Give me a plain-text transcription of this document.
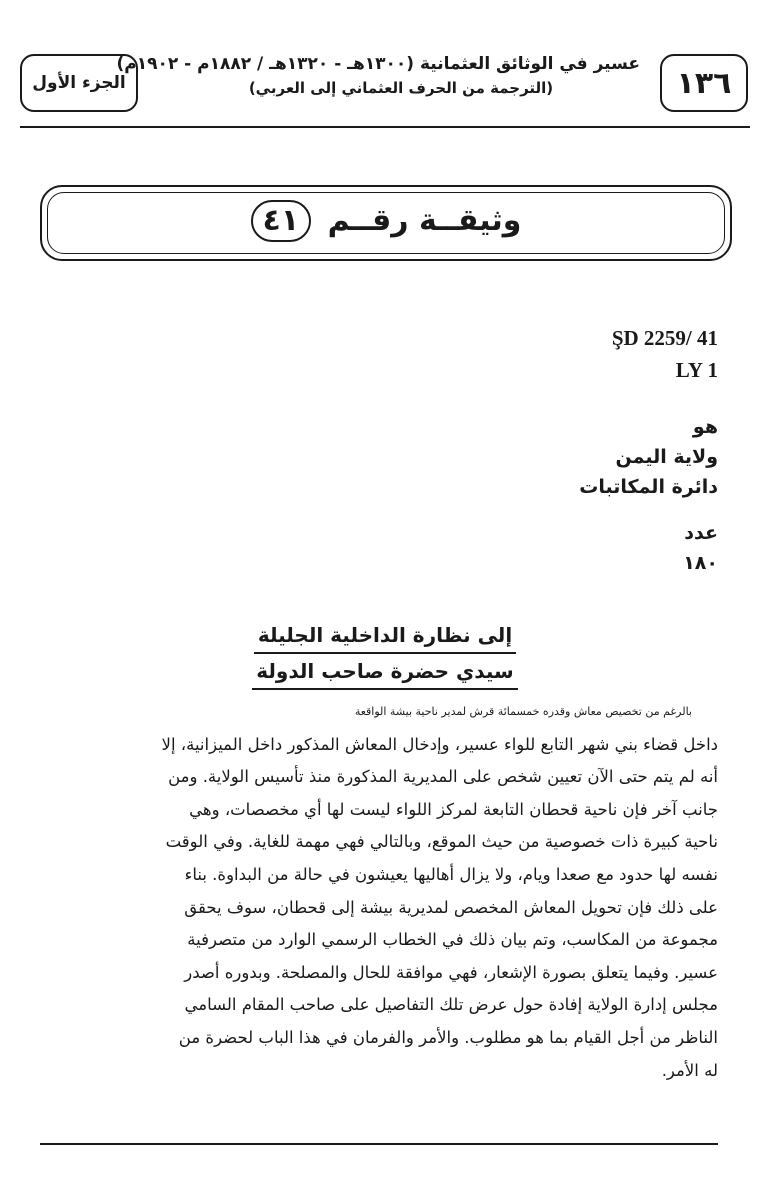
١٣٦
عسير في الوثائق العثمانية (١٣٠٠هـ - ١٣٢٠هـ / ١٨٨٢م - ١٩٠٢م)
(الترجمة من الحرف العثماني إلى العربي)
الجزء الأول
وثيقــة رقــم ٤١
ŞD 2259/ 41
LY 1
هو
ولاية اليمن
دائرة المكاتبات
عدد
١٨٠
إلى نظارة الداخلية الجليلة
سيدي حضرة صاحب الدولة
بالرغم من تخصيص معاش وقدره خمسمائة قرش لمدير ناحية بيشة الواقعة
داخل قضاء بني شهر التابع للواء عسير، وإدخال المعاش المذكور داخل الميزانية، إلا
أنه لم يتم حتى الآن تعيين شخص على المديرية المذكورة منذ تأسيس الولاية. ومن
جانب آخر فإن ناحية قحطان التابعة لمركز اللواء ليست لها أي مخصصات، وهي
ناحية كبيرة ذات خصوصية من حيث الموقع، وبالتالي فهي مهمة للغاية. وفي الوقت
نفسه لها حدود مع صعدا ويام، ولا يزال أهاليها يعيشون في حالة من البداوة. بناء
على ذلك فإن تحويل المعاش المخصص لمديرية بيشة إلى قحطان، سوف يحقق
مجموعة من المكاسب، وتم بيان ذلك في الخطاب الرسمي الوارد من متصرفية
عسير. وفيما يتعلق بصورة الإشعار، فهي موافقة للحال والمصلحة. وبدوره أصدر
مجلس إدارة الولاية إفادة حول عرض تلك التفاصيل على صاحب المقام السامي
الناظر من أجل القيام بما هو مطلوب. والأمر والفرمان في هذا الباب لحضرة من
له الأمر.
